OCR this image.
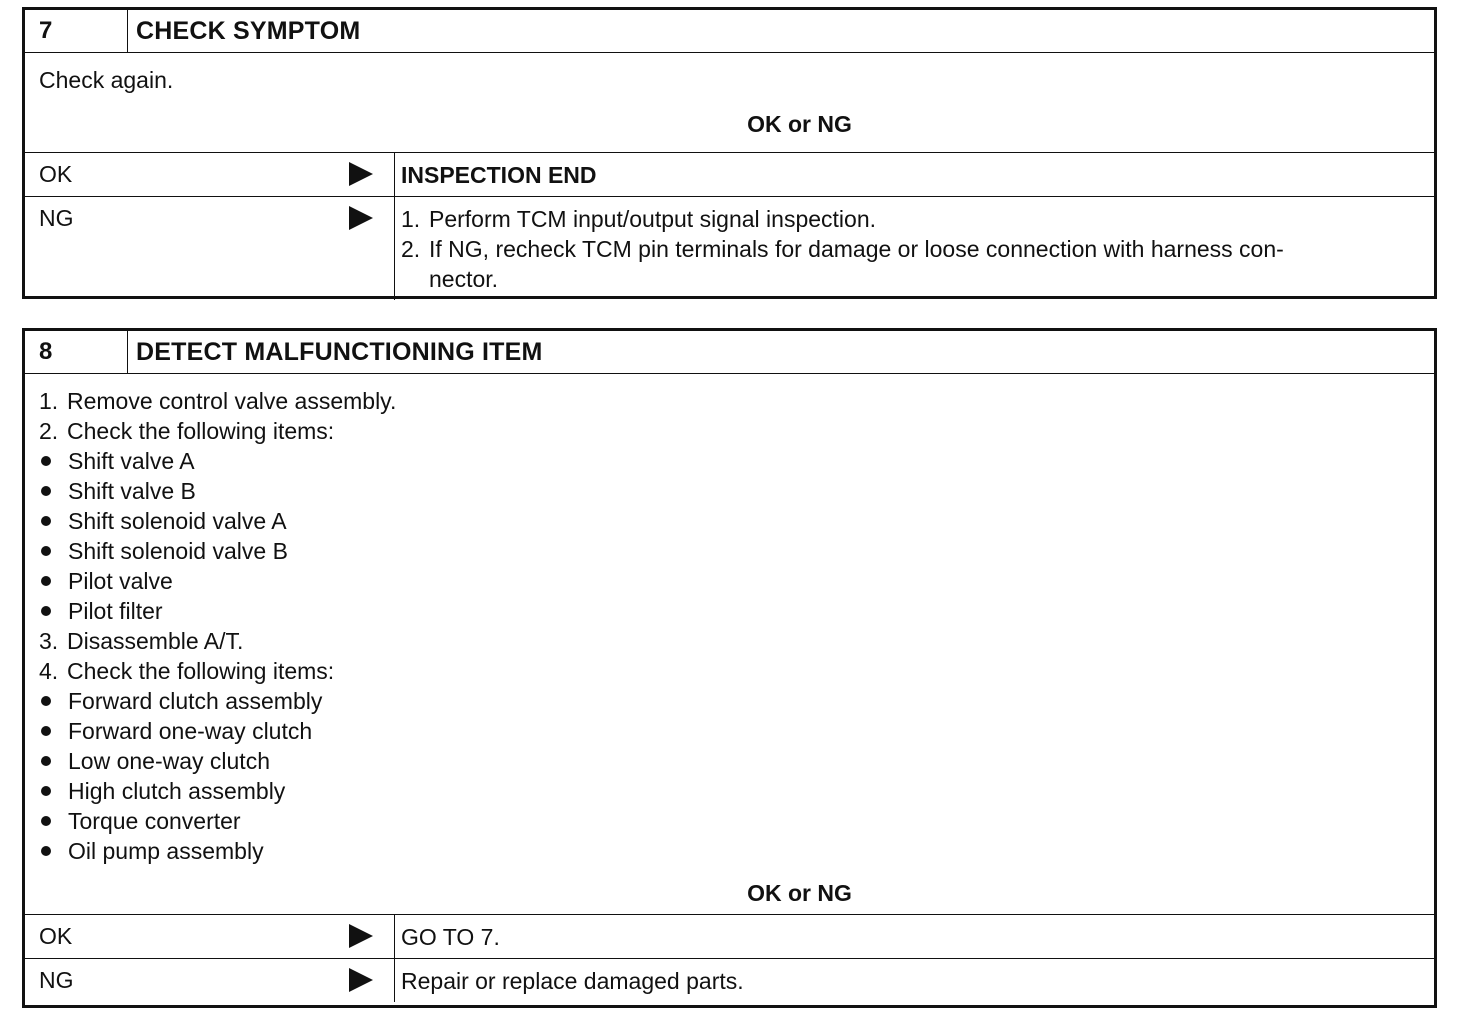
7	CHECK SYMPTOM
Check again.
OK or NG
OK	INSPECTION END
NG	1. Perform TCM input/output signal inspection.
2. If NG, recheck TCM pin terminals for damage or loose connection with harness con-
nector.
8	DETECT MALFUNCTIONING ITEM
1. Remove control valve assembly.
2. Check the following items:
Shift valve A
Shift valve B
Shift solenoid valve A
Shift solenoid valve B
Pilot valve
Pilot filter
3. Disassemble A/T.
4. Check the following items:
Forward clutch assembly
Forward one-way clutch
Low one-way clutch
High clutch assembly
Torque converter
Oil pump assembly
OK or NG
OK	GO TO 7.
NG	Repair or replace damaged parts.
